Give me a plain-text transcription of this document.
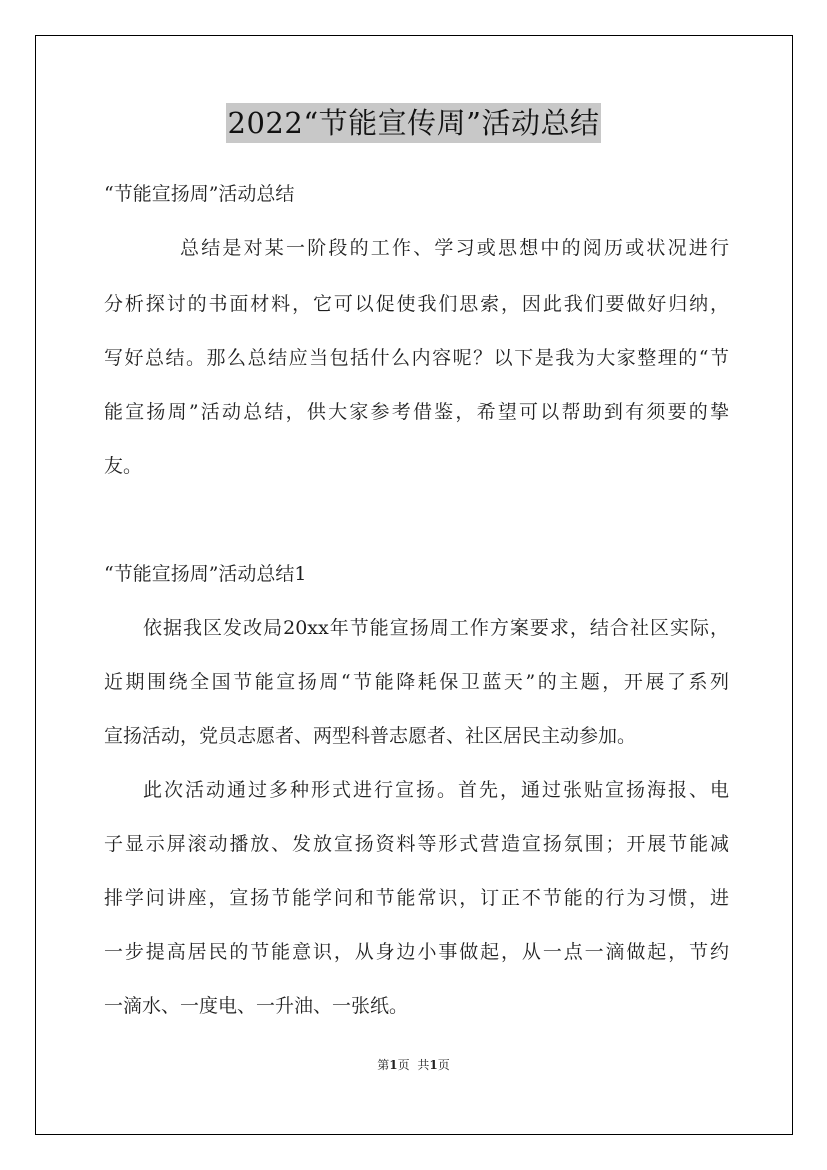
2022“节能宣传周”活动总结
“节能宣扬周”活动总结
总结是对某一阶段的工作、学习或思想中的阅历或状况进行
分析探讨的书面材料，它可以促使我们思索，因此我们要做好归纳，
写好总结。那么总结应当包括什么内容呢？以下是我为大家整理的“节
能宣扬周”活动总结，供大家参考借鉴，希望可以帮助到有须要的挚
友。
“节能宣扬周”活动总结1
依据我区发改局20xx年节能宣扬周工作方案要求，结合社区实际，
近期围绕全国节能宣扬周“节能降耗保卫蓝天”的主题，开展了系列
宣扬活动，党员志愿者、两型科普志愿者、社区居民主动参加。
此次活动通过多种形式进行宣扬。首先，通过张贴宣扬海报、电
子显示屏滚动播放、发放宣扬资料等形式营造宣扬氛围；开展节能减
排学问讲座，宣扬节能学问和节能常识，订正不节能的行为习惯，进
一步提高居民的节能意识，从身边小事做起，从一点一滴做起，节约
一滴水、一度电、一升油、一张纸。
第1页 共1页
